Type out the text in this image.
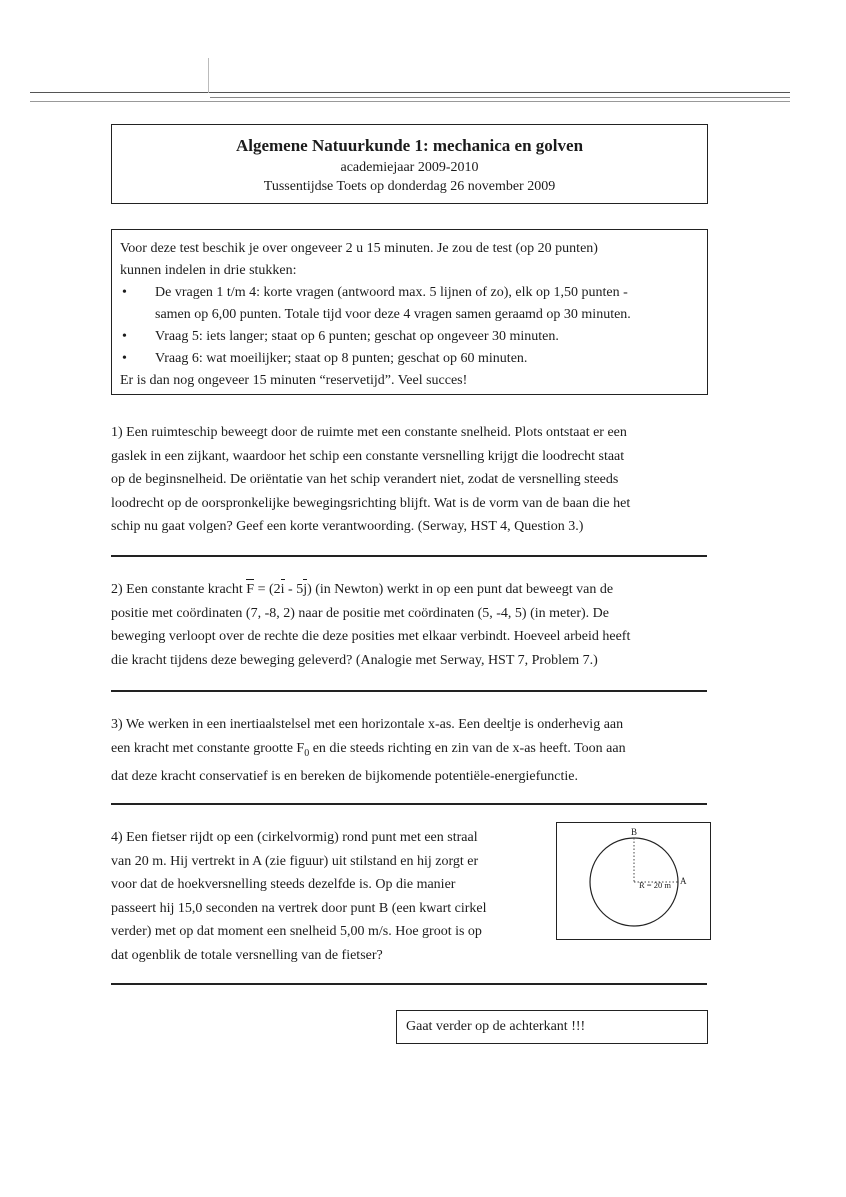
Algemene Natuurkunde 1: mechanica en golven
academiejaar 2009-2010
Tussentijdse Toets op donderdag 26 november 2009
Voor deze test beschik je over ongeveer 2 u 15 minuten. Je zou de test (op 20 punten)
kunnen indelen in drie stukken:
• De vragen 1 t/m 4: korte vragen (antwoord max. 5 lijnen of zo), elk op 1,50 punten -
samen op 6,00 punten. Totale tijd voor deze 4 vragen samen geraamd op 30 minuten.
• Vraag 5: iets langer; staat op 6 punten; geschat op ongeveer 30 minuten.
• Vraag 6: wat moeilijker; staat op 8 punten; geschat op 60 minuten.
Er is dan nog ongeveer 15 minuten “reservetijd”. Veel succes!
1) Een ruimteschip beweegt door de ruimte met een constante snelheid. Plots ontstaat er een
gaslek in een zijkant, waardoor het schip een constante versnelling krijgt die loodrecht staat
op de beginsnelheid. De oriëntatie van het schip verandert niet, zodat de versnelling steeds
loodrecht op de oorspronkelijke bewegingsrichting blijft. Wat is de vorm van de baan die het
schip nu gaat volgen? Geef een korte verantwoording. (Serway, HST 4, Question 3.)
2) Een constante kracht F = (2i - 5j) (in Newton) werkt in op een punt dat beweegt van de
positie met coördinaten (7, -8, 2) naar de positie met coördinaten (5, -4, 5) (in meter). De
beweging verloopt over de rechte die deze posities met elkaar verbindt. Hoeveel arbeid heeft
die kracht tijdens deze beweging geleverd? (Analogie met Serway, HST 7, Problem 7.)
3) We werken in een inertiaalstelsel met een horizontale x-as. Een deeltje is onderhevig aan
een kracht met constante grootte $F_0$ en die steeds richting en zin van de x-as heeft. Toon aan
dat deze kracht conservatief is en bereken de bijkomende potentiële-energiefunctie.
4) Een fietser rijdt op een (cirkelvormig) rond punt met een straal
van 20 m. Hij vertrekt in A (zie figuur) uit stilstand en hij zorgt er
voor dat de hoekversnelling steeds dezelfde is. Op die manier
passeert hij 15,0 seconden na vertrek door punt B (een kwart cirkel
verder) met op dat moment een snelheid 5,00 m/s. Hoe groot is op
dat ogenblik de totale versnelling van de fietser?
B
A
R = 20 m
Gaat verder op de achterkant !!!
